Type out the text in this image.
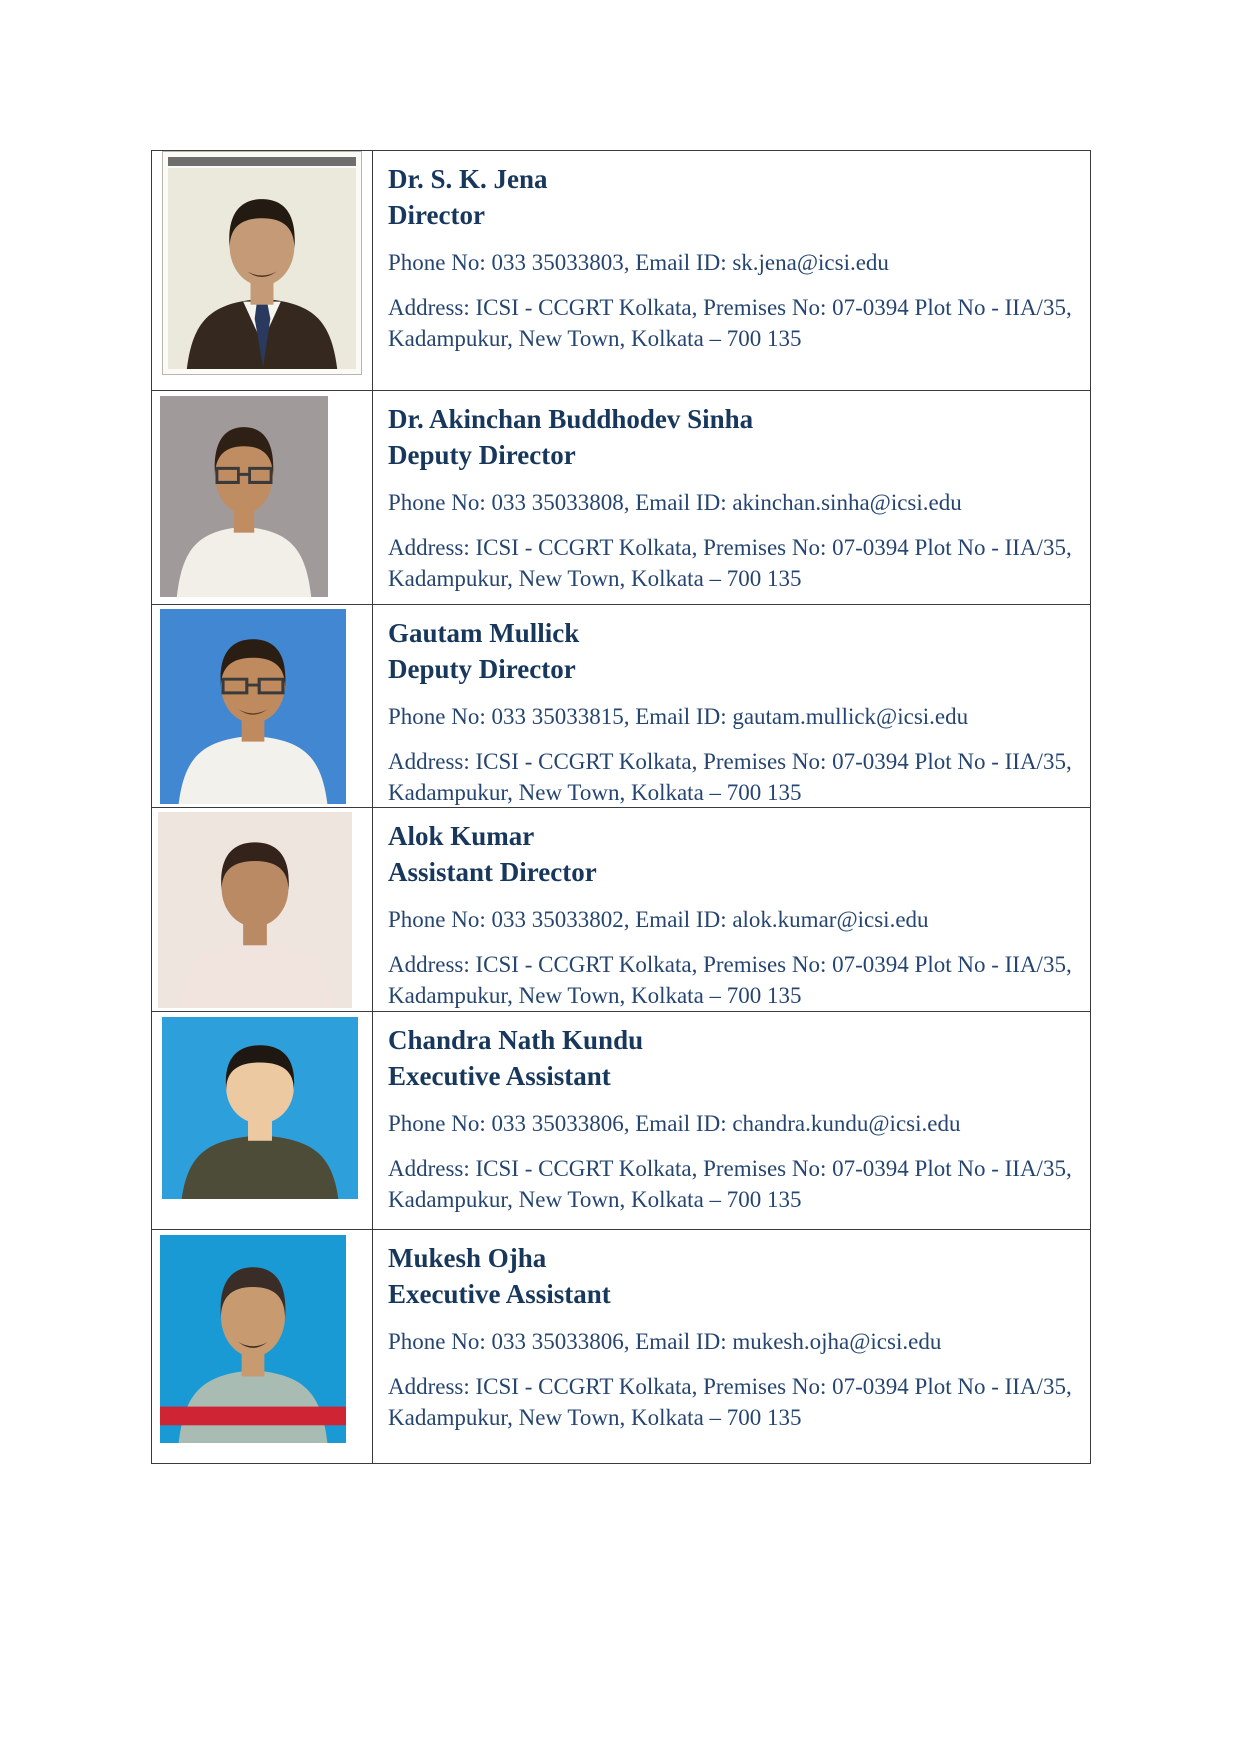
Dr. S. K. Jena
Director
Phone No: 033 35033803, Email ID: sk.jena@icsi.edu
Address: ICSI - CCGRT Kolkata, Premises No: 07-0394 Plot No - IIA/35,
Kadampukur, New Town, Kolkata – 700 135
Dr. Akinchan Buddhodev Sinha
Deputy Director
Phone No: 033 35033808, Email ID: akinchan.sinha@icsi.edu
Address: ICSI - CCGRT Kolkata, Premises No: 07-0394 Plot No - IIA/35,
Kadampukur, New Town, Kolkata – 700 135
Gautam Mullick
Deputy Director
Phone No: 033 35033815, Email ID: gautam.mullick@icsi.edu
Address: ICSI - CCGRT Kolkata, Premises No: 07-0394 Plot No - IIA/35,
Kadampukur, New Town, Kolkata – 700 135
Alok Kumar
Assistant Director
Phone No: 033 35033802, Email ID: alok.kumar@icsi.edu
Address: ICSI - CCGRT Kolkata, Premises No: 07-0394 Plot No - IIA/35,
Kadampukur, New Town, Kolkata – 700 135
Chandra Nath Kundu
Executive Assistant
Phone No: 033 35033806, Email ID: chandra.kundu@icsi.edu
Address: ICSI - CCGRT Kolkata, Premises No: 07-0394 Plot No - IIA/35,
Kadampukur, New Town, Kolkata – 700 135
Mukesh Ojha
Executive Assistant
Phone No: 033 35033806, Email ID: mukesh.ojha@icsi.edu
Address: ICSI - CCGRT Kolkata, Premises No: 07-0394 Plot No - IIA/35,
Kadampukur, New Town, Kolkata – 700 135
